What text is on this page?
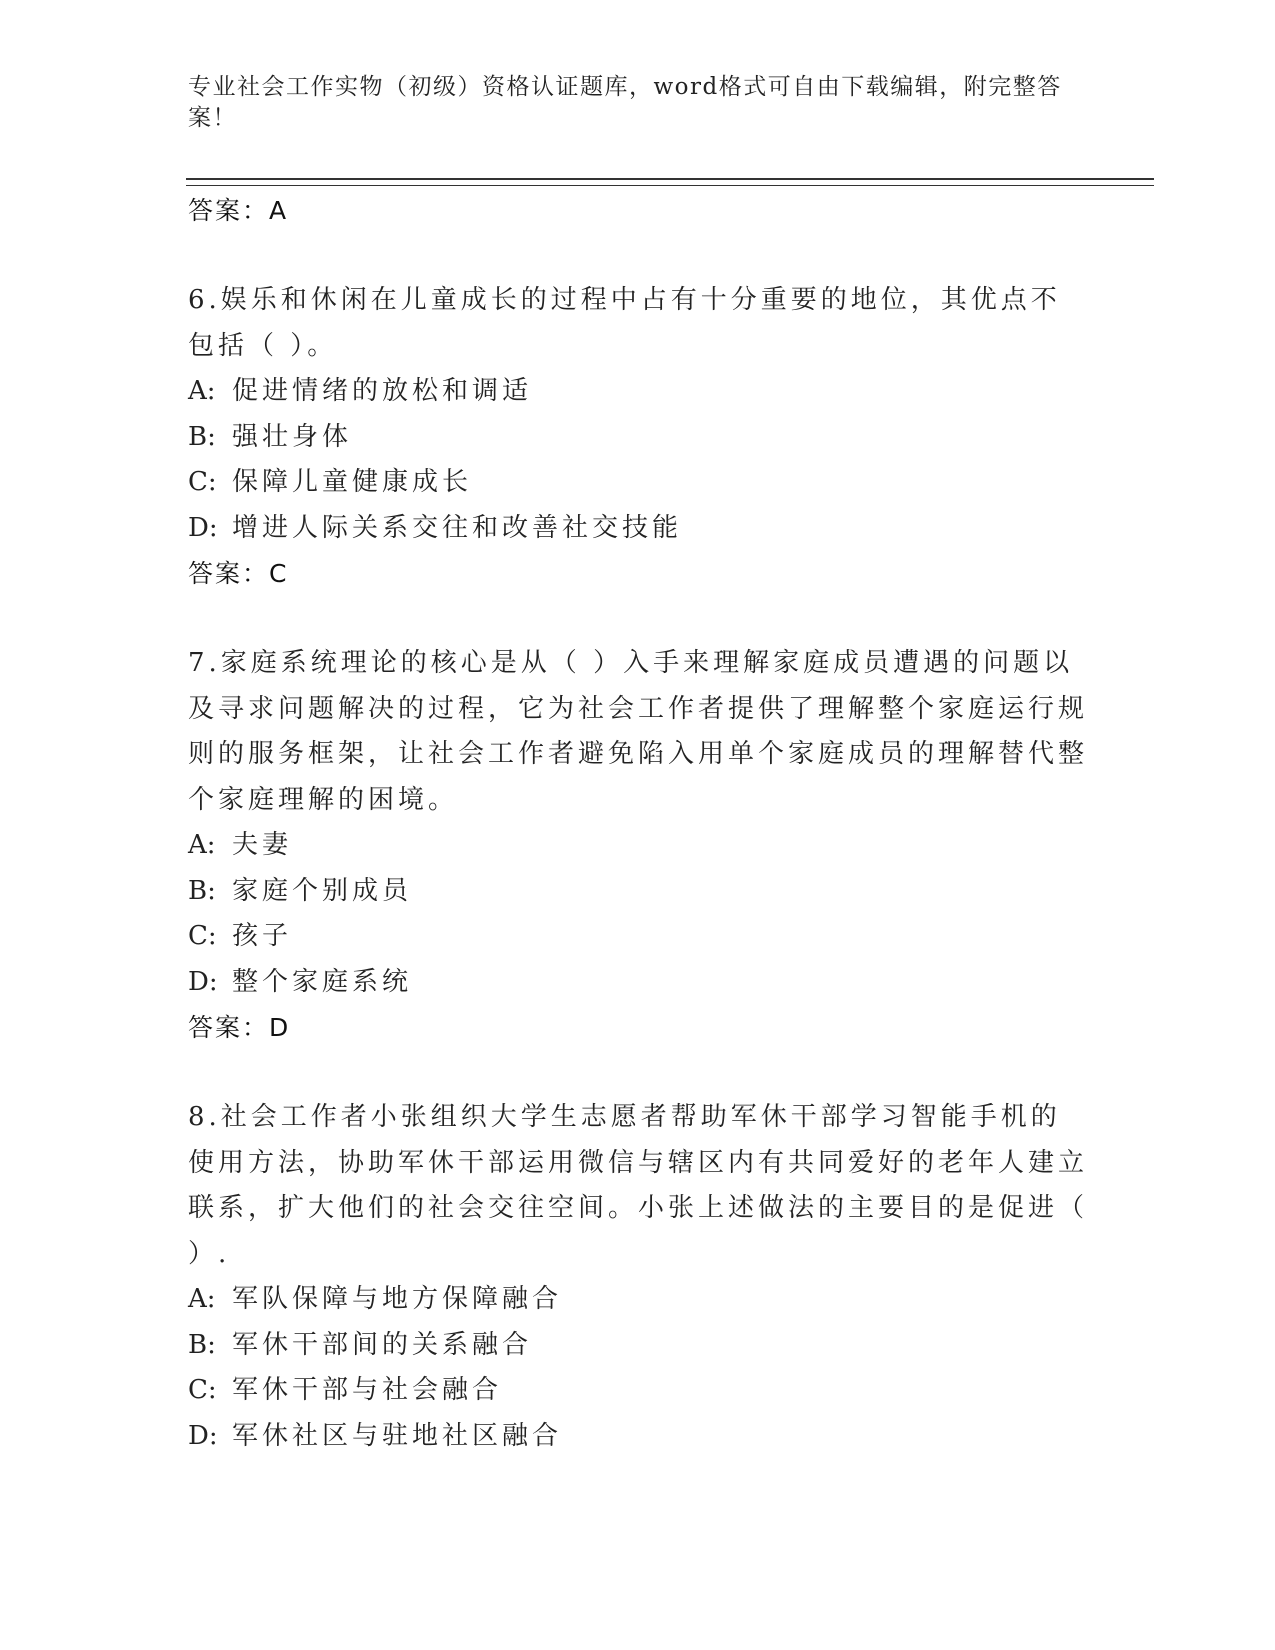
专业社会工作实物（初级）资格认证题库，word格式可自由下载编辑，附完整答案！
答案：A
6.娱乐和休闲在儿童成长的过程中占有十分重要的地位，其优点不包括（ ）。
A: 促进情绪的放松和调适
B: 强壮身体
C: 保障儿童健康成长
D: 增进人际关系交往和改善社交技能
答案：C
7.家庭系统理论的核心是从（ ）入手来理解家庭成员遭遇的问题以及寻求问题解决的过程，它为社会工作者提供了理解整个家庭运行规则的服务框架，让社会工作者避免陷入用单个家庭成员的理解替代整个家庭理解的困境。
A: 夫妻
B: 家庭个别成员
C: 孩子
D: 整个家庭系统
答案：D
8.社会工作者小张组织大学生志愿者帮助军休干部学习智能手机的使用方法，协助军休干部运用微信与辖区内有共同爱好的老年人建立联系，扩大他们的社会交往空间。小张上述做法的主要目的是促进（ ）.
A: 军队保障与地方保障融合
B: 军休干部间的关系融合
C: 军休干部与社会融合
D: 军休社区与驻地社区融合
